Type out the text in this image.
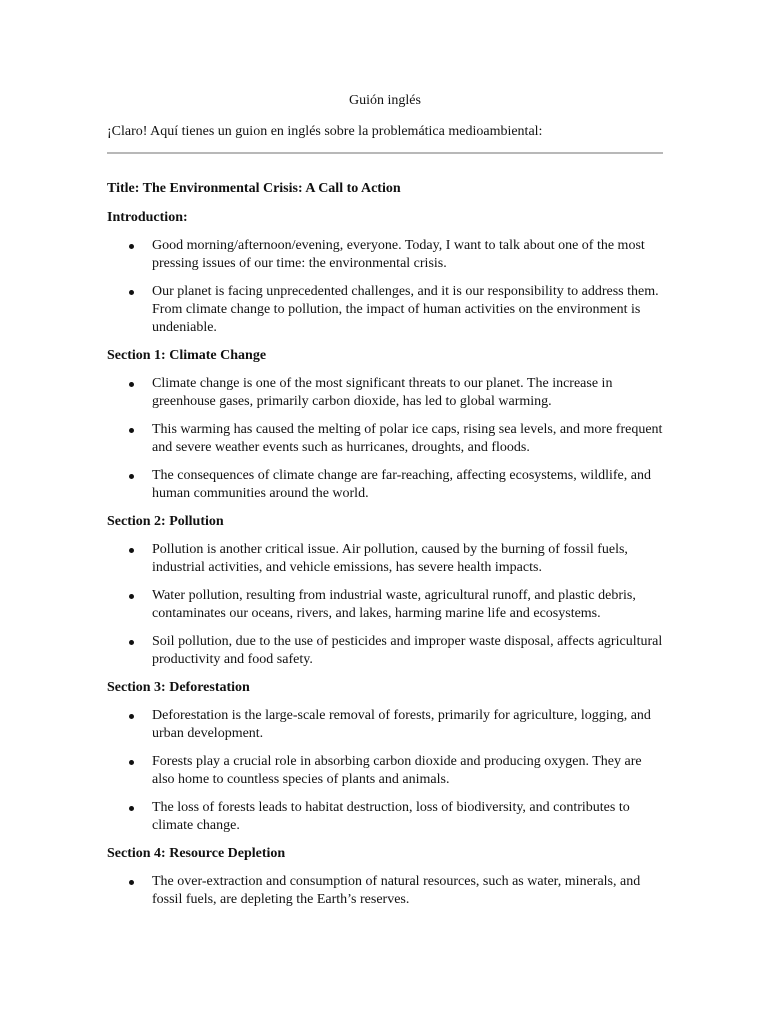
Guión inglés

¡Claro! Aquí tienes un guion en inglés sobre la problemática medioambiental:

Title: The Environmental Crisis: A Call to Action

Introduction:

Good morning/afternoon/evening, everyone. Today, I want to talk about one of the most pressing issues of our time: the environmental crisis.
Our planet is facing unprecedented challenges, and it is our responsibility to address them. From climate change to pollution, the impact of human activities on the environment is undeniable.

Section 1: Climate Change

Climate change is one of the most significant threats to our planet. The increase in greenhouse gases, primarily carbon dioxide, has led to global warming.
This warming has caused the melting of polar ice caps, rising sea levels, and more frequent and severe weather events such as hurricanes, droughts, and floods.
The consequences of climate change are far-reaching, affecting ecosystems, wildlife, and human communities around the world.

Section 2: Pollution

Pollution is another critical issue. Air pollution, caused by the burning of fossil fuels, industrial activities, and vehicle emissions, has severe health impacts.
Water pollution, resulting from industrial waste, agricultural runoff, and plastic debris, contaminates our oceans, rivers, and lakes, harming marine life and ecosystems.
Soil pollution, due to the use of pesticides and improper waste disposal, affects agricultural productivity and food safety.

Section 3: Deforestation

Deforestation is the large-scale removal of forests, primarily for agriculture, logging, and urban development.
Forests play a crucial role in absorbing carbon dioxide and producing oxygen. They are also home to countless species of plants and animals.
The loss of forests leads to habitat destruction, loss of biodiversity, and contributes to climate change.

Section 4: Resource Depletion

The over-extraction and consumption of natural resources, such as water, minerals, and fossil fuels, are depleting the Earth’s reserves.
